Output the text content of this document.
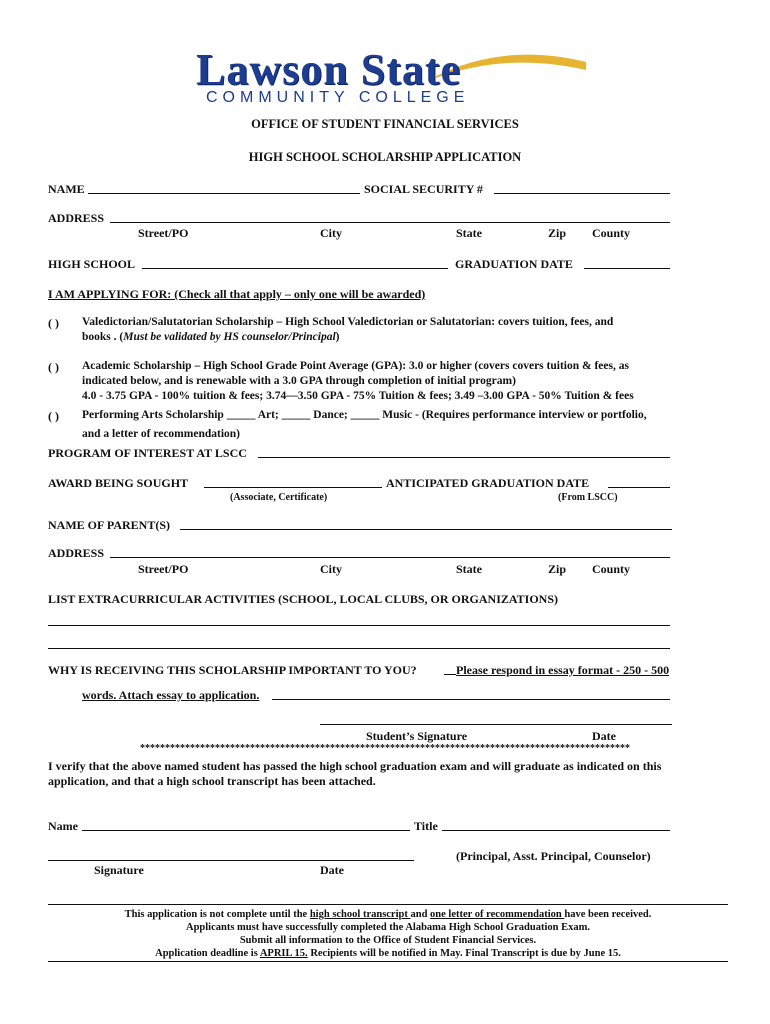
Lawson State
COMMUNITY COLLEGE
OFFICE OF STUDENT FINANCIAL SERVICES
HIGH SCHOOL SCHOLARSHIP APPLICATION
NAME	SOCIAL SECURITY #
ADDRESS
Street/PO	City	State	Zip County
HIGH SCHOOL	GRADUATION DATE
I AM APPLYING FOR: (Check all that apply – only one will be awarded)
( ) Valedictorian/Salutatorian Scholarship – High School Valedictorian or Salutatorian: covers tuition, fees, and
books . (Must be validated by HS counselor/Principal)
( ) Academic Scholarship – High School Grade Point Average (GPA): 3.0 or higher (covers covers tuition & fees, as
indicated below, and is renewable with a 3.0 GPA through completion of initial program)
4.0 - 3.75 GPA - 100% tuition & fees; 3.74—3.50 GPA - 75% Tuition & fees; 3.49 –3.00 GPA - 50% Tuition & fees
( ) Performing Arts Scholarship _____ Art; _____ Dance; _____ Music - (Requires performance interview or portfolio,
and a letter of recommendation)
PROGRAM OF INTEREST AT LSCC
AWARD BEING SOUGHT	ANTICIPATED GRADUATION DATE
(Associate, Certificate)	(From LSCC)
NAME OF PARENT(S)
ADDRESS
Street/PO	City	State	Zip County
LIST EXTRACURRICULAR ACTIVITIES (SCHOOL, LOCAL CLUBS, OR ORGANIZATIONS)
WHY IS RECEIVING THIS SCHOLARSHIP IMPORTANT TO YOU?	Please respond in essay format - 250 - 500
words. Attach essay to application.
Student’s Signature	Date
**************************************************************************************************
I verify that the above named student has passed the high school graduation exam and will graduate as indicated on this
application, and that a high school transcript has been attached.
Name	Title
(Principal, Asst. Principal, Counselor)
Signature	Date
This application is not complete until the high school transcript and one letter of recommendation have been received.
Applicants must have successfully completed the Alabama High School Graduation Exam.
Submit all information to the Office of Student Financial Services.
Application deadline is APRIL 15. Recipients will be notified in May. Final Transcript is due by June 15.
